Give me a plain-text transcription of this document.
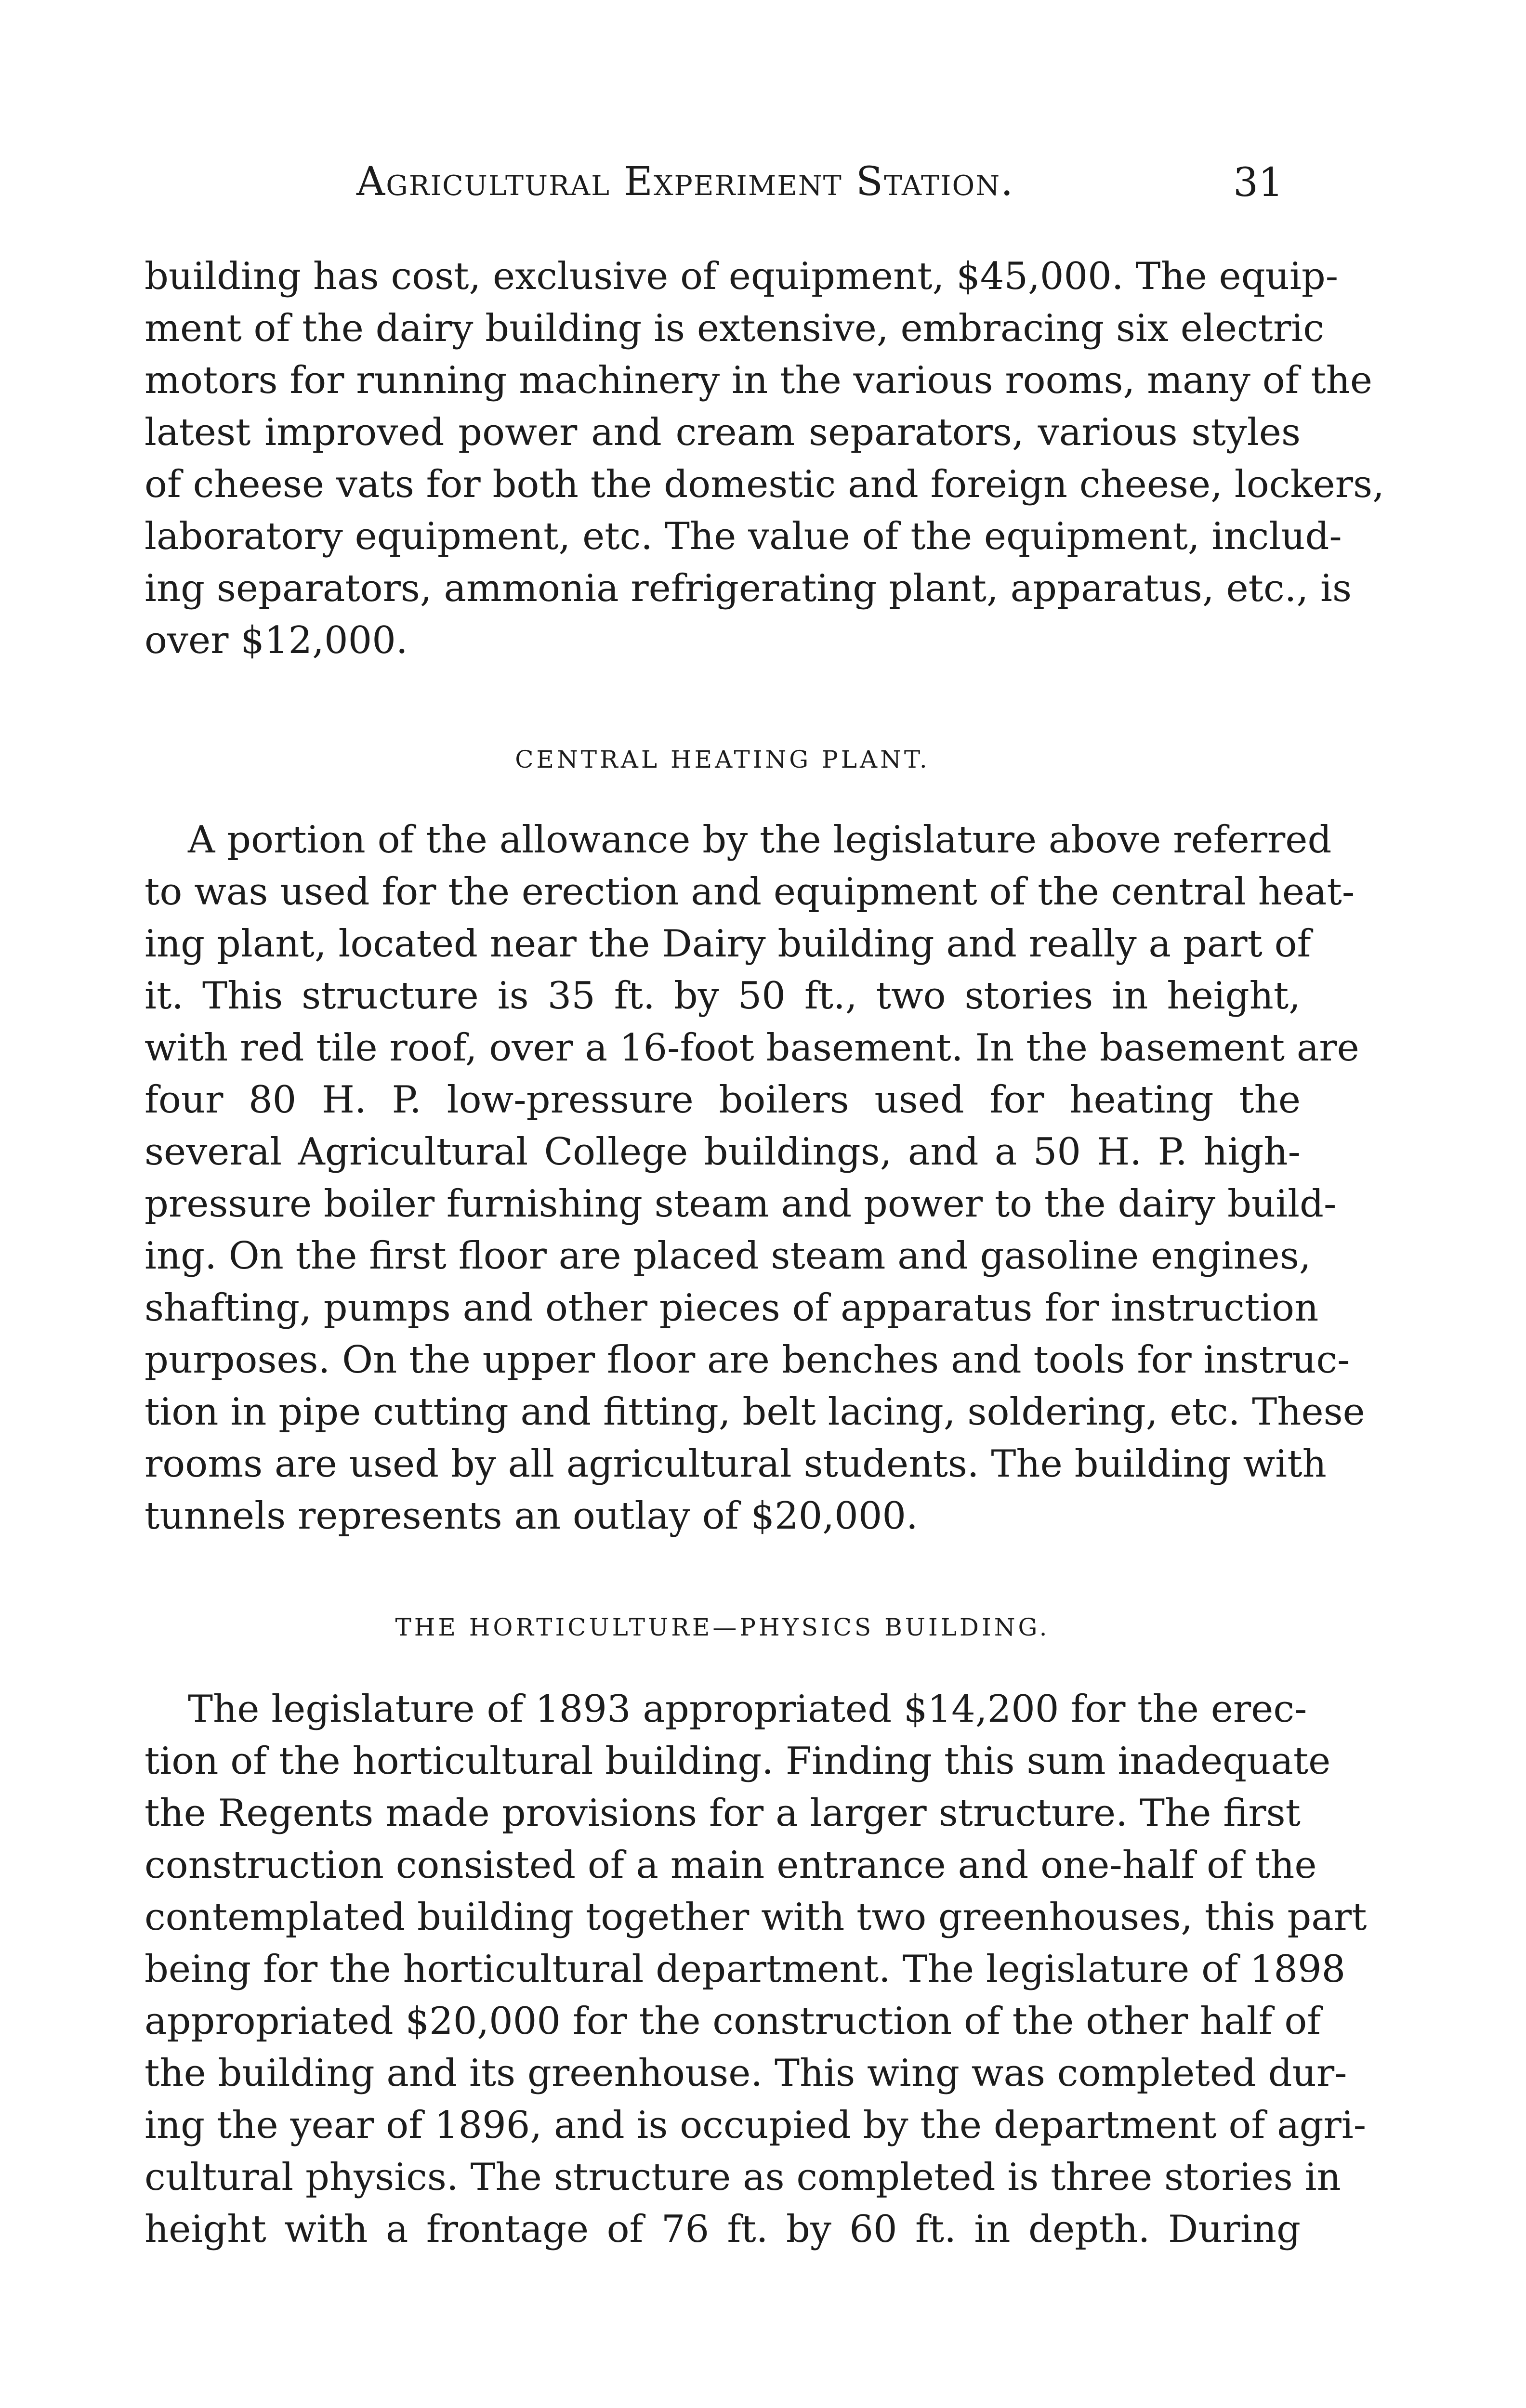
Agricultural Experiment Station.	31
building has cost, exclusive of equipment, $45,000. The equip-
ment of the dairy building is extensive, embracing six electric
motors for running machinery in the various rooms, many of the
latest improved power and cream separators, various styles
of cheese vats for both the domestic and foreign cheese, lockers,
laboratory equipment, etc. The value of the equipment, includ-
ing separators, ammonia refrigerating plant, apparatus, etc., is
over $12,000.
CENTRAL HEATING PLANT.
A portion of the allowance by the legislature above referred
to was used for the erection and equipment of the central heat-
ing plant, located near the Dairy building and really a part of
it. This structure is 35 ft. by 50 ft., two stories in height,
with red tile roof, over a 16-foot basement. In the basement are
four 80 H. P. low-pressure boilers used for heating the
several Agricultural College buildings, and a 50 H. P. high-
pressure boiler furnishing steam and power to the dairy build-
ing. On the first floor are placed steam and gasoline engines,
shafting, pumps and other pieces of apparatus for instruction
purposes. On the upper floor are benches and tools for instruc-
tion in pipe cutting and fitting, belt lacing, soldering, etc. These
rooms are used by all agricultural students. The building with
tunnels represents an outlay of $20,000.
THE HORTICULTURE—PHYSICS BUILDING.
The legislature of 1893 appropriated $14,200 for the erec-
tion of the horticultural building. Finding this sum inadequate
the Regents made provisions for a larger structure. The first
construction consisted of a main entrance and one-half of the
contemplated building together with two greenhouses, this part
being for the horticultural department. The legislature of 1898
appropriated $20,000 for the construction of the other half of
the building and its greenhouse. This wing was completed dur-
ing the year of 1896, and is occupied by the department of agri-
cultural physics. The structure as completed is three stories in
height with a frontage of 76 ft. by 60 ft. in depth. During
